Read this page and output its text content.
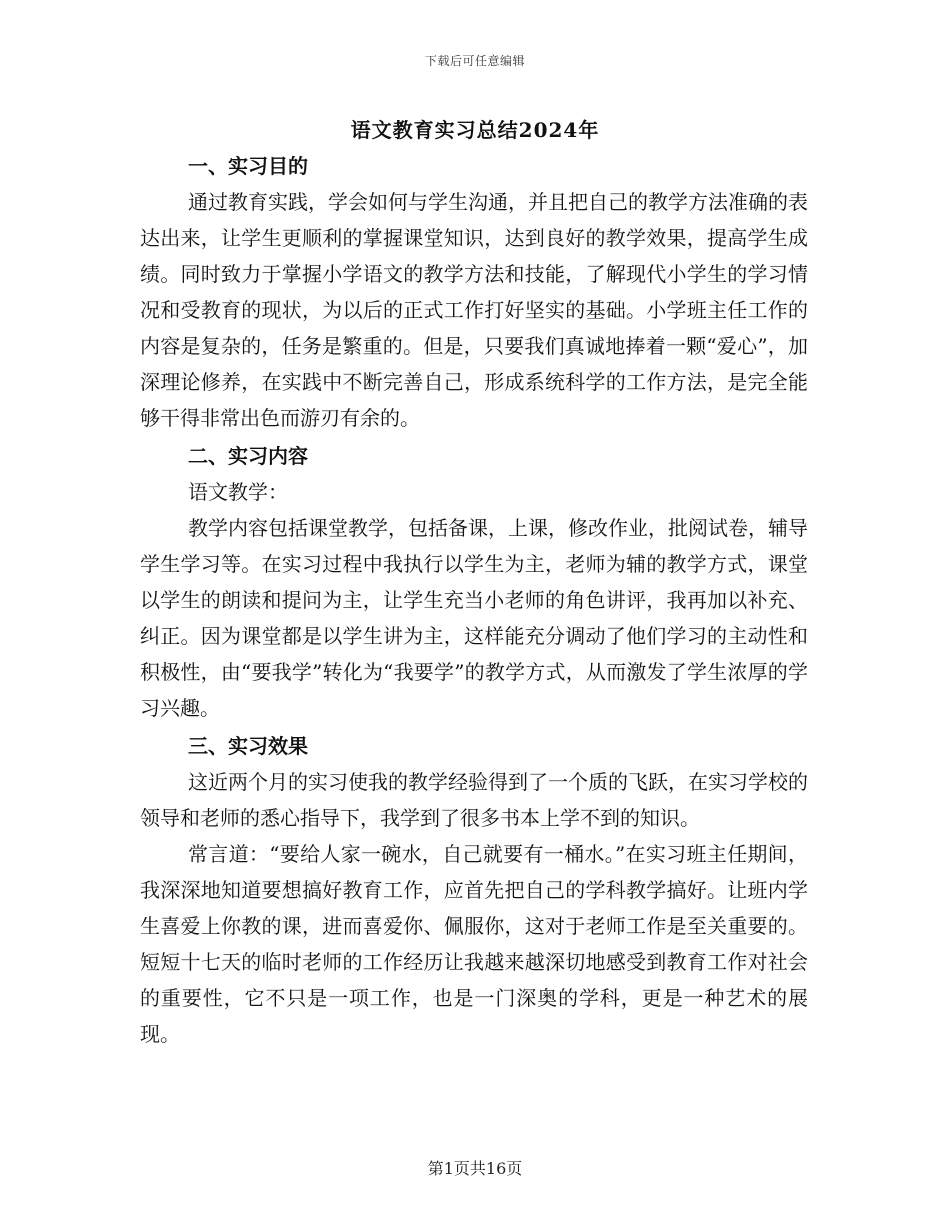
下载后可任意编辑
语文教育实习总结2024年

一、实习目的

通过教育实践，学会如何与学生沟通，并且把自己的教学方法准确的表达出来，让学生更顺利的掌握课堂知识，达到良好的教学效果，提高学生成绩。同时致力于掌握小学语文的教学方法和技能，了解现代小学生的学习情况和受教育的现状，为以后的正式工作打好坚实的基础。小学班主任工作的内容是复杂的，任务是繁重的。但是，只要我们真诚地捧着一颗“爱心”，加深理论修养，在实践中不断完善自己，形成系统科学的工作方法，是完全能够干得非常出色而游刃有余的。

二、实习内容

语文教学：

教学内容包括课堂教学，包括备课，上课，修改作业，批阅试卷，辅导学生学习等。在实习过程中我执行以学生为主，老师为辅的教学方式，课堂以学生的朗读和提问为主，让学生充当小老师的角色讲评，我再加以补充、纠正。因为课堂都是以学生讲为主，这样能充分调动了他们学习的主动性和积极性，由“要我学”转化为“我要学”的教学方式，从而激发了学生浓厚的学习兴趣。

三、实习效果

这近两个月的实习使我的教学经验得到了一个质的飞跃，在实习学校的领导和老师的悉心指导下，我学到了很多书本上学不到的知识。

常言道：“要给人家一碗水，自己就要有一桶水。”在实习班主任期间，我深深地知道要想搞好教育工作，应首先把自己的学科教学搞好。让班内学生喜爱上你教的课，进而喜爱你、佩服你，这对于老师工作是至关重要的。短短十七天的临时老师的工作经历让我越来越深切地感受到教育工作对社会的重要性，它不只是一项工作，也是一门深奥的学科，更是一种艺术的展现。

第1页共16页
